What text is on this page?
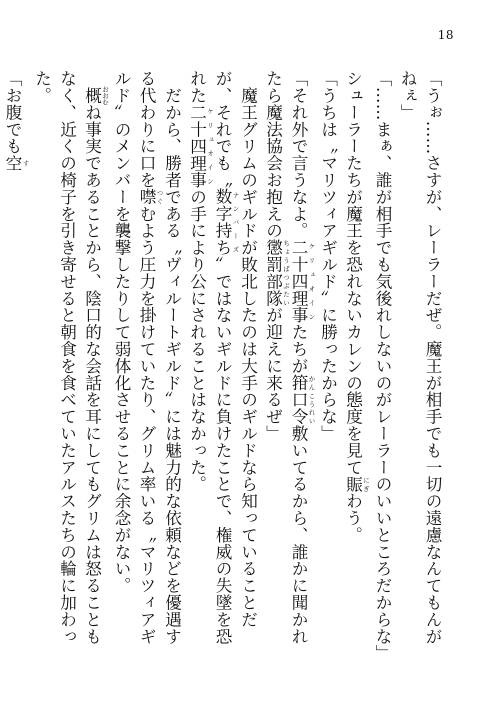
18

「うぉ……さすが、レーラーだぜ。魔王が相手でも一切の遠慮なんてもんがねぇ」

「……まぁ、誰が相手でも気後れしないのがレーラーのいいところだからな」

シューラーたちが魔王を恐れないカレンの態度を見て賑 にぎわう。

「うちは〝マリツィアギルド〟に勝ったからな」

「それ外で言うなよ。二十四理事 ケリュオインたちが箝口令 かんこうれい敷いてるから、誰かに聞かれたら魔法協会お抱えの懲罰部隊 ちょうばつぶたいが迎えに来るぜ」

　魔王グリムのギルドが敗北したのは大手のギルドなら知っていることだが、それでも〝数字持ち ナンバーズ〟ではないギルドに負けたことで、権威の失墜を恐れた二十四理事 ケリュオインの手により公にされることはなかった。

　だから、勝者である〝ヴィルートギルド〟には魅力的な依頼などを優遇する代わりに口を噤 つぐむよう圧力を掛けていたり、グリム率いる〝マリツィアギルド〟のメンバーを襲撃したりして弱体化させることに余念がない。

　概 おおむね事実であることから、陰口的な会話を耳にしてもグリムは怒ることもなく、近くの椅子を引き寄せると朝食を食べていたアルスたちの輪に加わった。

「お腹でも空 す
